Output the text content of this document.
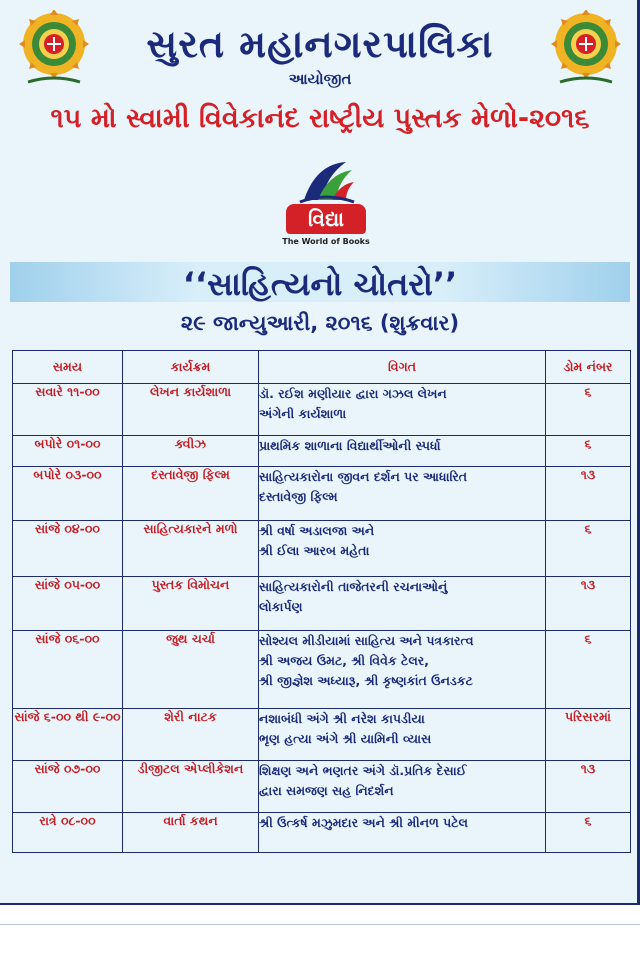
સુરત મહાનગરપાલિકા
આયોજીત
૧૫ મો સ્વામી વિવેકાનંદ રાષ્ટ્રીય પુસ્તક મેળો-૨૦૧૬
વિદ્યા
The World of Books
‘‘સાહિત્યનો ચોતરો’’
૨૯ જાન્યુઆરી, ૨૦૧૬ (શુક્રવાર)
સમય	કાર્યક્રમ	વિગત	ડોમ નંબર
સવારે ૧૧-૦૦	લેખન કાર્યશાળા	ડૉ. રઈશ મણીયાર દ્વારા ગઝલ લેખન
અંગેની કાર્યશાળા	૬
બપોરે ૦૧-૦૦	ક્વીઝ	પ્રાથમિક શાળાના વિદ્યાર્થીઓની સ્પર્ધા	૬
બપોરે ૦૩-૦૦	દસ્તાવેજી ફિલ્મ	સાહિત્યકારોના જીવન દર્શન પર આધારિત
દસ્તાવેજી ફિલ્મ	૧૩
સાંજે ૦૪-૦૦	સાહિત્યકારને મળો	શ્રી વર્ષા અડાલજા અને
શ્રી ઈલા આરબ મહેતા	૬
સાંજે ૦૫-૦૦	પુસ્તક વિમોચન	સાહિત્યકારોની તાજેતરની રચનાઓનું
લોકાર્પણ	૧૩
સાંજે ૦૬-૦૦	જુથ ચર્ચા	સોશ્યલ મીડીયામાં સાહિત્ય અને પત્રકારત્વ
શ્રી અજય ઉમટ, શ્રી વિવેક ટેલર,
શ્રી જીજ્ઞેશ અધ્યારૂ, શ્રી કૃષ્ણકાંત ઉનડકટ	૬
સાંજે ૬-૦૦ થી ૯-૦૦	શેરી નાટક	નશાબંધી અંગે શ્રી નરેશ કાપડીયા
ભૃણ હત્યા અંગે શ્રી યામિની વ્યાસ	પરિસરમાં
સાંજે ૦૭-૦૦	ડીજીટલ એપ્લીકેશન	શિક્ષણ અને ભણતર અંગે ડૉ.પ્રતિક દેસાઈ
દ્વારા સમજણ સહ નિદર્શન	૧૩
રાત્રે ૦૮-૦૦	વાર્તા કથન	શ્રી ઉત્કર્ષ મઝુમદાર અને શ્રી મીનળ પટેલ	૬
